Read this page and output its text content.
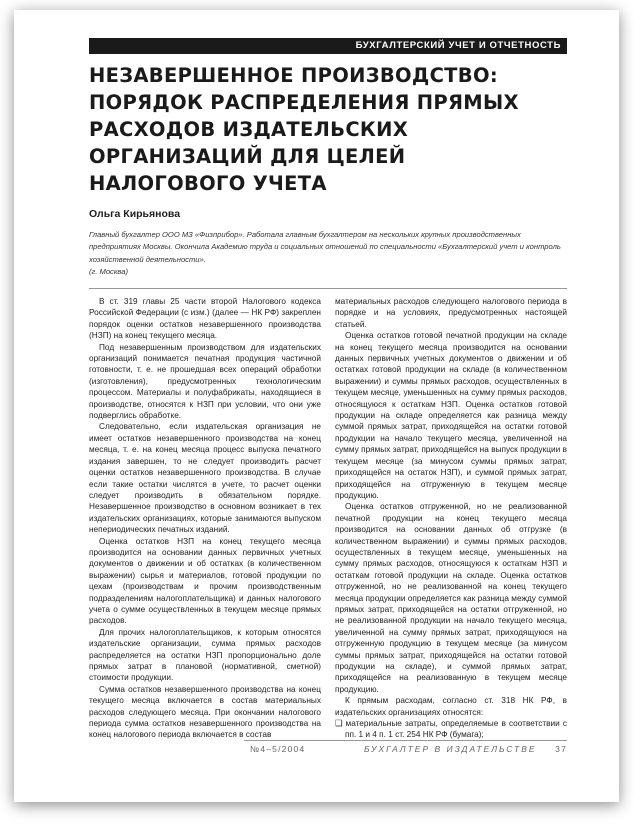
БУХГАЛТЕРСКИЙ УЧЕТ И ОТЧЕТНОСТЬ
НЕЗАВЕРШЕННОЕ ПРОИЗВОДСТВО: ПОРЯДОК РАСПРЕДЕЛЕНИЯ ПРЯМЫХ РАСХОДОВ ИЗДАТЕЛЬСКИХ ОРГАНИЗАЦИЙ ДЛЯ ЦЕЛЕЙ НАЛОГОВОГО УЧЕТА

Ольга Кирьянова

Главный бухгалтер ООО МЗ «Физприбор». Работала главным бухгалтером на нескольких крупных производственных предприятиях Москвы. Окончила Академию труда и социальных отношений по специальности «Бухгалтерский учет и контроль хозяйственной деятельности».

(г. Москва)

В ст. 319 главы 25 части второй Налогового кодекса Российской Федерации (с изм.) (далее — НК РФ) закреплен порядок оценки остатков незавершенного производства (НЗП) на конец текущего месяца.

Под незавершенным производством для издательских организаций понимается печатная продукция частичной готовности, т. е. не прошедшая всех операций обработки (изготовления), предусмотренных технологическим процессом. Материалы и полуфабрикаты, находящиеся в производстве, относятся к НЗП при условии, что они уже подверглись обработке.

Следовательно, если издательская организация не имеет остатков незавершенного производства на конец месяца, т. е. на конец месяца процесс выпуска печатного издания завершен, то не следует производить расчет оценки остатков незавершенного производства. В случае если такие остатки числятся в учете, то расчет оценки следует производить в обязательном порядке. Незавершенное производство в основном возникает в тех издательских организациях, которые занимаются выпуском непериодических печатных изданий.

Оценка остатков НЗП на конец текущего месяца производится на основании данных первичных учетных документов о движении и об остатках (в количественном выражении) сырья и материалов, готовой продукции по цехам (производствам и прочим производственным подразделениям налогоплательщика) и данных налогового учета о сумме осуществленных в текущем месяце прямых расходов.

Для прочих налогоплательщиков, к которым относятся издательские организации, сумма прямых расходов распределяется на остатки НЗП пропорционально доле прямых затрат в плановой (нормативной, сметной) стоимости продукции.

Сумма остатков незавершенного производства на конец текущего месяца включается в состав материальных расходов следующего месяца. При окончании налогового периода сумма остатков незавершенного производства на конец налогового периода включается в состав

материальных расходов следующего налогового периода в порядке и на условиях, предусмотренных настоящей статьей.

Оценка остатков готовой печатной продукции на складе на конец текущего месяца производится на основании данных первичных учетных документов о движении и об остатках готовой продукции на складе (в количественном выражении) и суммы прямых расходов, осуществленных в текущем месяце, уменьшенных на сумму прямых расходов, относящуюся к остаткам НЗП. Оценка остатков готовой продукции на складе определяется как разница между суммой прямых затрат, приходящейся на остатки готовой продукции на начало текущего месяца, увеличенной на сумму прямых затрат, приходящейся на выпуск продукции в текущем месяце (за минусом суммы прямых затрат, приходящейся на остаток НЗП), и суммой прямых затрат, приходящейся на отгруженную в текущем месяце продукцию.

Оценка остатков отгруженной, но не реализованной печатной продукции на конец текущего месяца производится на основании данных об отгрузке (в количественном выражении) и суммы прямых расходов, осуществленных в текущем месяце, уменьшенных на сумму прямых расходов, относящуюся к остаткам НЗП и остаткам готовой продукции на складе. Оценка остатков отгруженной, но не реализованной на конец текущего месяца продукции определяется как разница между суммой прямых затрат, приходящейся на остатки отгруженной, но не реализованной продукции на начало текущего месяца, увеличенной на сумму прямых затрат, приходящуюся на отгруженную продукцию в текущем месяце (за минусом суммы прямых затрат, приходящейся на остатки готовой продукции на складе), и суммой прямых затрат, приходящейся на реализованную в текущем месяце продукцию.

К прямым расходам, согласно ст. 318 НК РФ, в издательских организациях относятся:

❑ материальные затраты, определяемые в соответствии с пп. 1 и 4 п. 1 ст. 254 НК РФ (бумага);

№4–5/2004	БУХГАЛТЕР В ИЗДАТЕЛЬСТВЕ 37
